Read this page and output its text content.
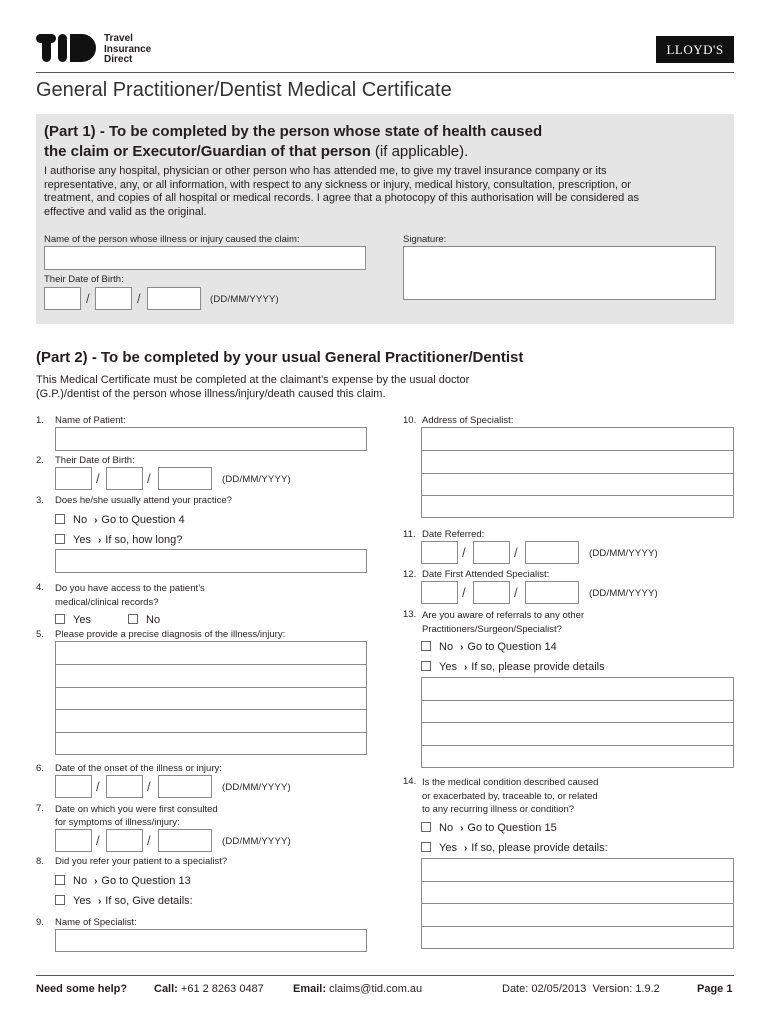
Travel
Insurance
Direct
LLOYD'S
General Practitioner/Dentist Medical Certificate
(Part 1) - To be completed by the person whose state of health caused
the claim or Executor/Guardian of that person (if applicable).
I authorise any hospital, physician or other person who has attended me, to give my travel insurance company or its
representative, any, or all information, with respect to any sickness or injury, medical history, consultation, prescription, or
treatment, and copies of all hospital or medical records. I agree that a photocopy of this authorisation will be considered as
effective and valid as the original.
Name of the person whose illness or injury caused the claim:	Signature:
Their Date of Birth:
/	/	(DD/MM/YYYY)
(Part 2) - To be completed by your usual General Practitioner/Dentist
This Medical Certificate must be completed at the claimant’s expense by the usual doctor
(G.P.)/dentist of the person whose illness/injury/death caused this claim.
1. Name of Patient:
2. Their Date of Birth:
/	/	(DD/MM/YYYY)
3. Does he/she usually attend your practice?
No › Go to Question 4
Yes › If so, how long?
4. Do you have access to the patient’s
medical/clinical records?
Yes	No
5. Please provide a precise diagnosis of the illness/injury:
6. Date of the onset of the illness or injury:
/	/	(DD/MM/YYYY)
7. Date on which you were first consulted
for symptoms of illness/injury:
/	/	(DD/MM/YYYY)
8. Did you refer your patient to a specialist?
No › Go to Question 13
Yes › If so, Give details:
9. Name of Specialist:
10. Address of Specialist:
11. Date Referred:
/	/	(DD/MM/YYYY)
12. Date First Attended Specialist:
/	/	(DD/MM/YYYY)
13. Are you aware of referrals to any other
Practitioners/Surgeon/Specialist?
No › Go to Question 14
Yes › If so, please provide details
14. Is the medical condition described caused
or exacerbated by, traceable to, or related
to any recurring illness or condition?
No › Go to Question 15
Yes › If so, please provide details:
Need some help? Call: +61 2 8263 0487	Email: claims@tid.com.au	Date: 02/05/2013  Version: 1.9.2	Page 1
